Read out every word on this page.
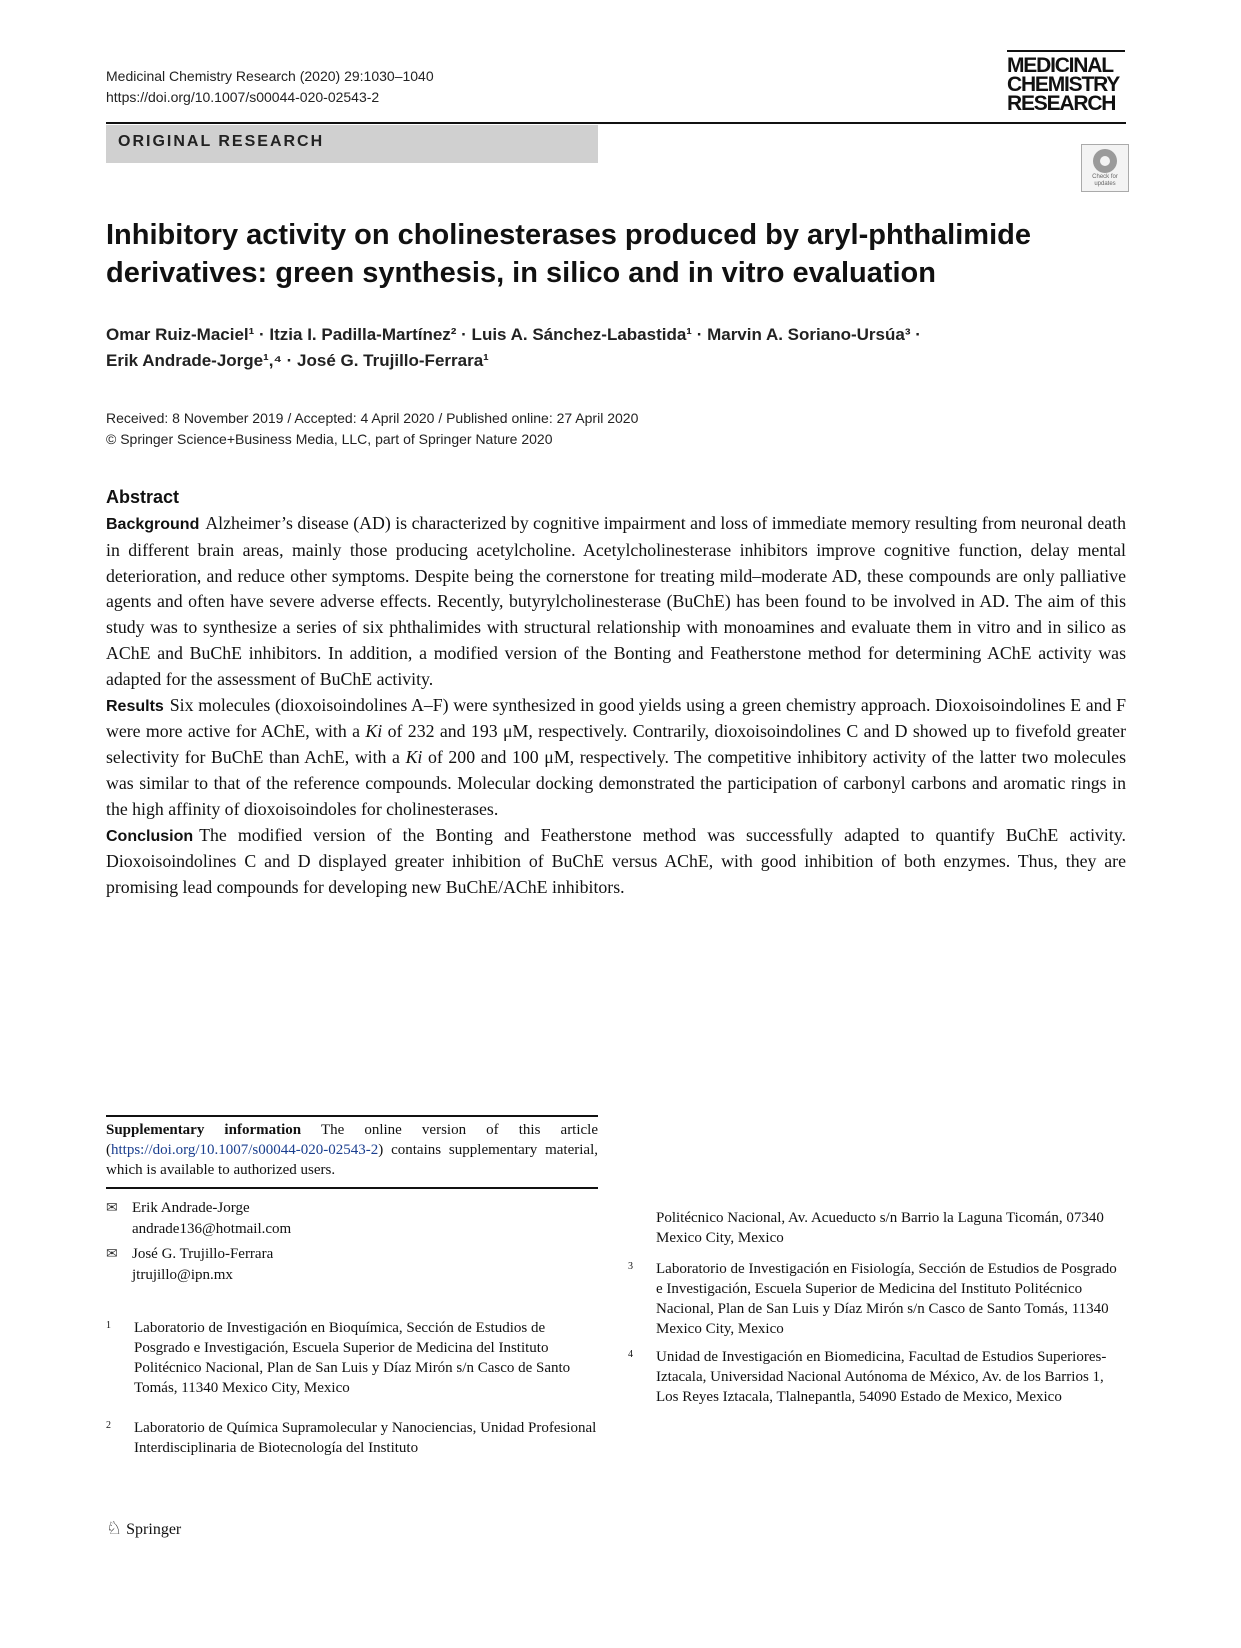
Medicinal Chemistry Research (2020) 29:1030–1040
https://doi.org/10.1007/s00044-020-02543-2
MEDICINAL
CHEMISTRY
RESEARCH
ORIGINAL RESEARCH
Check for updates
Inhibitory activity on cholinesterases produced by aryl-phthalimide
derivatives: green synthesis, in silico and in vitro evaluation
Omar Ruiz-Maciel¹ · Itzia I. Padilla-Martínez² · Luis A. Sánchez-Labastida¹ · Marvin A. Soriano-Ursúa³ ·
Erik Andrade-Jorge¹,⁴ · José G. Trujillo-Ferrara¹
Received: 8 November 2019 / Accepted: 4 April 2020 / Published online: 27 April 2020
© Springer Science+Business Media, LLC, part of Springer Nature 2020
Abstract

Background Alzheimer’s disease (AD) is characterized by cognitive impairment and loss of immediate memory resulting from neuronal death in different brain areas, mainly those producing acetylcholine. Acetylcholinesterase inhibitors improve cognitive function, delay mental deterioration, and reduce other symptoms. Despite being the cornerstone for treating mild–moderate AD, these compounds are only palliative agents and often have severe adverse effects. Recently, butyrylcholinesterase (BuChE) has been found to be involved in AD. The aim of this study was to synthesize a series of six phthalimides with structural relationship with monoamines and evaluate them in vitro and in silico as AChE and BuChE inhibitors. In addition, a modified version of the Bonting and Featherstone method for determining AChE activity was adapted for the assessment of BuChE activity.

Results Six molecules (dioxoisoindolines A–F) were synthesized in good yields using a green chemistry approach. Dioxoisoindolines E and F were more active for AChE, with a Ki of 232 and 193 μM, respectively. Contrarily, dioxoisoindolines C and D showed up to fivefold greater selectivity for BuChE than AchE, with a Ki of 200 and 100 μM, respectively. The competitive inhibitory activity of the latter two molecules was similar to that of the reference compounds. Molecular docking demonstrated the participation of carbonyl carbons and aromatic rings in the high affinity of dioxoisoindoles for cholinesterases.

Conclusion The modified version of the Bonting and Featherstone method was successfully adapted to quantify BuChE activity. Dioxoisoindolines C and D displayed greater inhibition of BuChE versus AChE, with good inhibition of both enzymes. Thus, they are promising lead compounds for developing new BuChE/AChE inhibitors.

Supplementary information The online version of this article (https://doi.org/10.1007/s00044-020-02543-2) contains supplementary material, which is available to authorized users.
✉ Erik Andrade-Jorge
andrade136@hotmail.com
✉ José G. Trujillo-Ferrara
jtrujillo@ipn.mx
1 Laboratorio de Investigación en Bioquímica, Sección de Estudios de Posgrado e Investigación, Escuela Superior de Medicina del Instituto Politécnico Nacional, Plan de San Luis y Díaz Mirón s/n Casco de Santo Tomás, 11340 Mexico City, Mexico
2 Laboratorio de Química Supramolecular y Nanociencias, Unidad Profesional Interdisciplinaria de Biotecnología del Instituto
Politécnico Nacional, Av. Acueducto s/n Barrio la Laguna Ticomán, 07340 Mexico City, Mexico
3 Laboratorio de Investigación en Fisiología, Sección de Estudios de Posgrado e Investigación, Escuela Superior de Medicina del Instituto Politécnico Nacional, Plan de San Luis y Díaz Mirón s/n Casco de Santo Tomás, 11340 Mexico City, Mexico
4 Unidad de Investigación en Biomedicina, Facultad de Estudios Superiores-Iztacala, Universidad Nacional Autónoma de México, Av. de los Barrios 1, Los Reyes Iztacala, Tlalnepantla, 54090 Estado de Mexico, Mexico
♘ Springer
